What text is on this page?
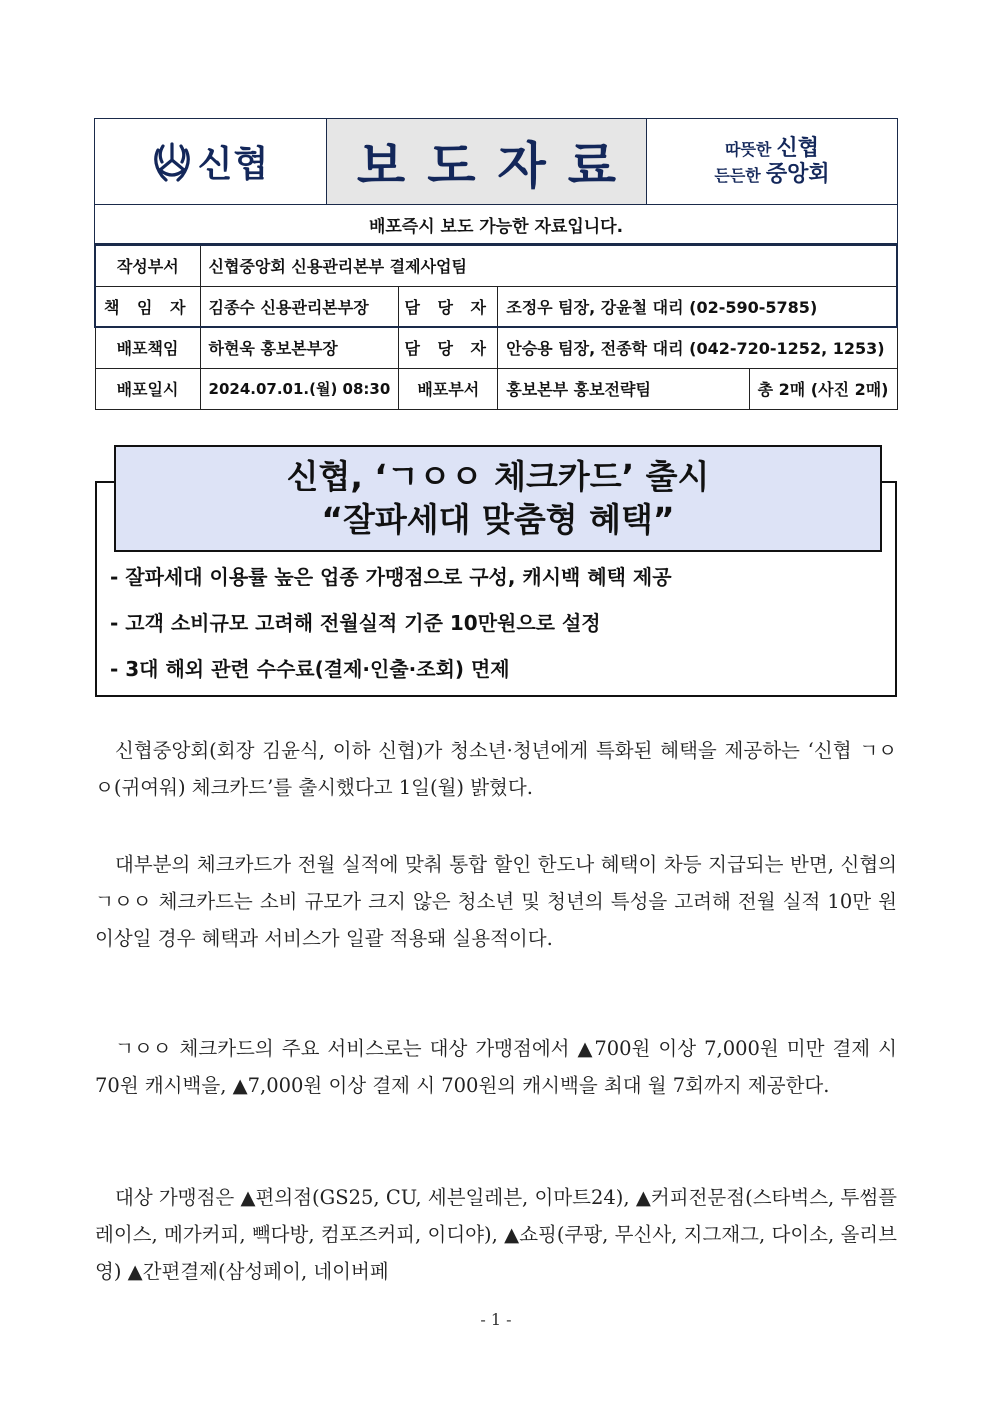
신협 보도자료	따뜻한 신협
든든한 중앙회
배포즉시 보도 가능한 자료입니다.
작성부서	신협중앙회 신용관리본부 결제사업팀			
책 임 자	김종수 신용관리본부장	담 당 자	조정우 팀장, 강윤철 대리 (02-590-5785)	
배포책임	하현욱 홍보본부장	담 당 자	안승용 팀장, 전종학 대리 (042-720-1252, 1253)	
배포일시	2024.07.01.(월) 08:30	배포부서	홍보본부 홍보전략팀	총 2매 (사진 2매)
신협, ‘ㄱㅇㅇ 체크카드’ 출시
“잘파세대 맞춤형 혜택”
- 잘파세대 이용률 높은 업종 가맹점으로 구성, 캐시백 혜택 제공
- 고객 소비규모 고려해 전월실적 기준 10만원으로 설정
- 3대 해외 관련 수수료(결제·인출·조회) 면제

신협중앙회(회장 김윤식, 이하 신협)가 청소년·청년에게 특화된 혜택을 제공하는 ‘신협 ㄱㅇㅇ(귀여워) 체크카드’를 출시했다고 1일(월) 밝혔다.

대부분의 체크카드가 전월 실적에 맞춰 통합 할인 한도나 혜택이 차등 지급되는 반면, 신협의 ㄱㅇㅇ 체크카드는 소비 규모가 크지 않은 청소년 및 청년의 특성을 고려해 전월 실적 10만 원 이상일 경우 혜택과 서비스가 일괄 적용돼 실용적이다.

ㄱㅇㅇ 체크카드의 주요 서비스로는 대상 가맹점에서 ▲700원 이상 7,000원 미만 결제 시 70원 캐시백을, ▲7,000원 이상 결제 시 700원의 캐시백을 최대 월 7회까지 제공한다.

대상 가맹점은 ▲편의점(GS25, CU, 세븐일레븐, 이마트24), ▲커피전문점(스타벅스, 투썸플레이스, 메가커피, 빽다방, 컴포즈커피, 이디야), ▲쇼핑(쿠팡, 무신사, 지그재그, 다이소, 올리브영) ▲간편결제(삼성페이, 네이버페

- 1 -
